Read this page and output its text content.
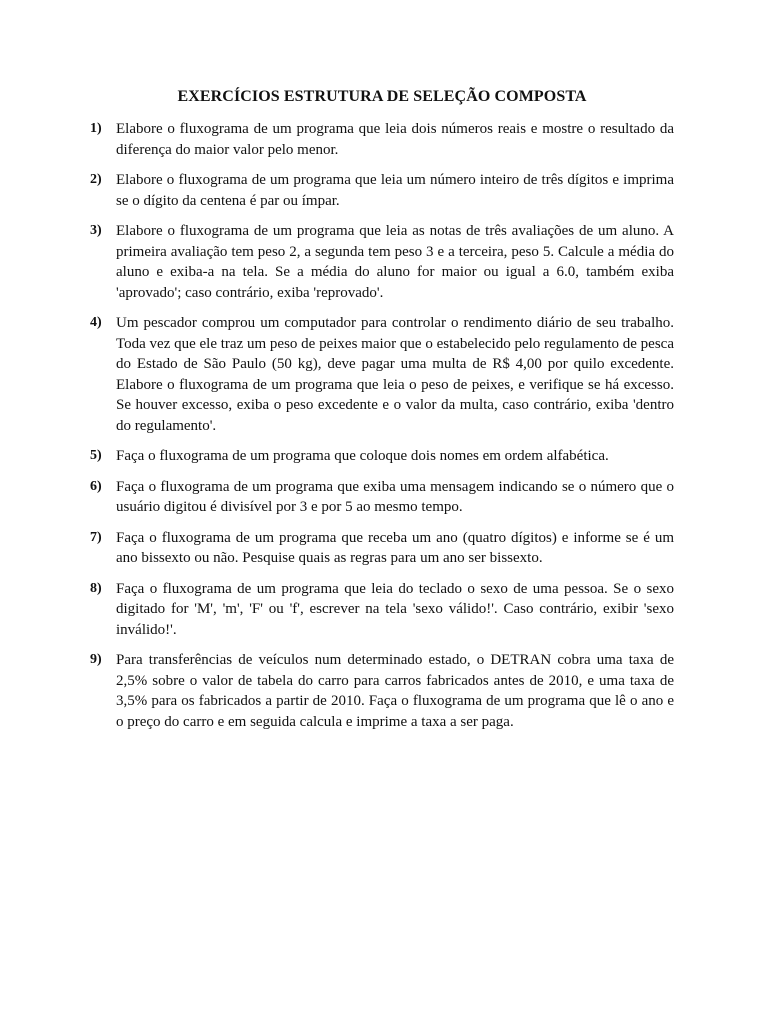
EXERCÍCIOS ESTRUTURA DE SELEÇÃO COMPOSTA
1) Elabore o fluxograma de um programa que leia dois números reais e mostre o resultado da diferença do maior valor pelo menor.

2) Elabore o fluxograma de um programa que leia um número inteiro de três dígitos e imprima se o dígito da centena é par ou ímpar.

3) Elabore o fluxograma de um programa que leia as notas de três avaliações de um aluno. A primeira avaliação tem peso 2, a segunda tem peso 3 e a terceira, peso 5. Calcule a média do aluno e exiba-a na tela. Se a média do aluno for maior ou igual a 6.0, também exiba 'aprovado'; caso contrário, exiba 'reprovado'.

4) Um pescador comprou um computador para controlar o rendimento diário de seu trabalho. Toda vez que ele traz um peso de peixes maior que o estabelecido pelo regulamento de pesca do Estado de São Paulo (50 kg), deve pagar uma multa de R$ 4,00 por quilo excedente. Elabore o fluxograma de um programa que leia o peso de peixes, e verifique se há excesso. Se houver excesso, exiba o peso excedente e o valor da multa, caso contrário, exiba 'dentro do regulamento'.

5) Faça o fluxograma de um programa que coloque dois nomes em ordem alfabética.

6) Faça o fluxograma de um programa que exiba uma mensagem indicando se o número que o usuário digitou é divisível por 3 e por 5 ao mesmo tempo.

7) Faça o fluxograma de um programa que receba um ano (quatro dígitos) e informe se é um ano bissexto ou não. Pesquise quais as regras para um ano ser bissexto.

8) Faça o fluxograma de um programa que leia do teclado o sexo de uma pessoa. Se o sexo digitado for 'M', 'm', 'F' ou 'f', escrever na tela 'sexo válido!'. Caso contrário, exibir 'sexo inválido!'.

9) Para transferências de veículos num determinado estado, o DETRAN cobra uma taxa de 2,5% sobre o valor de tabela do carro para carros fabricados antes de 2010, e uma taxa de 3,5% para os fabricados a partir de 2010. Faça o fluxograma de um programa que lê o ano e o preço do carro e em seguida calcula e imprime a taxa a ser paga.
